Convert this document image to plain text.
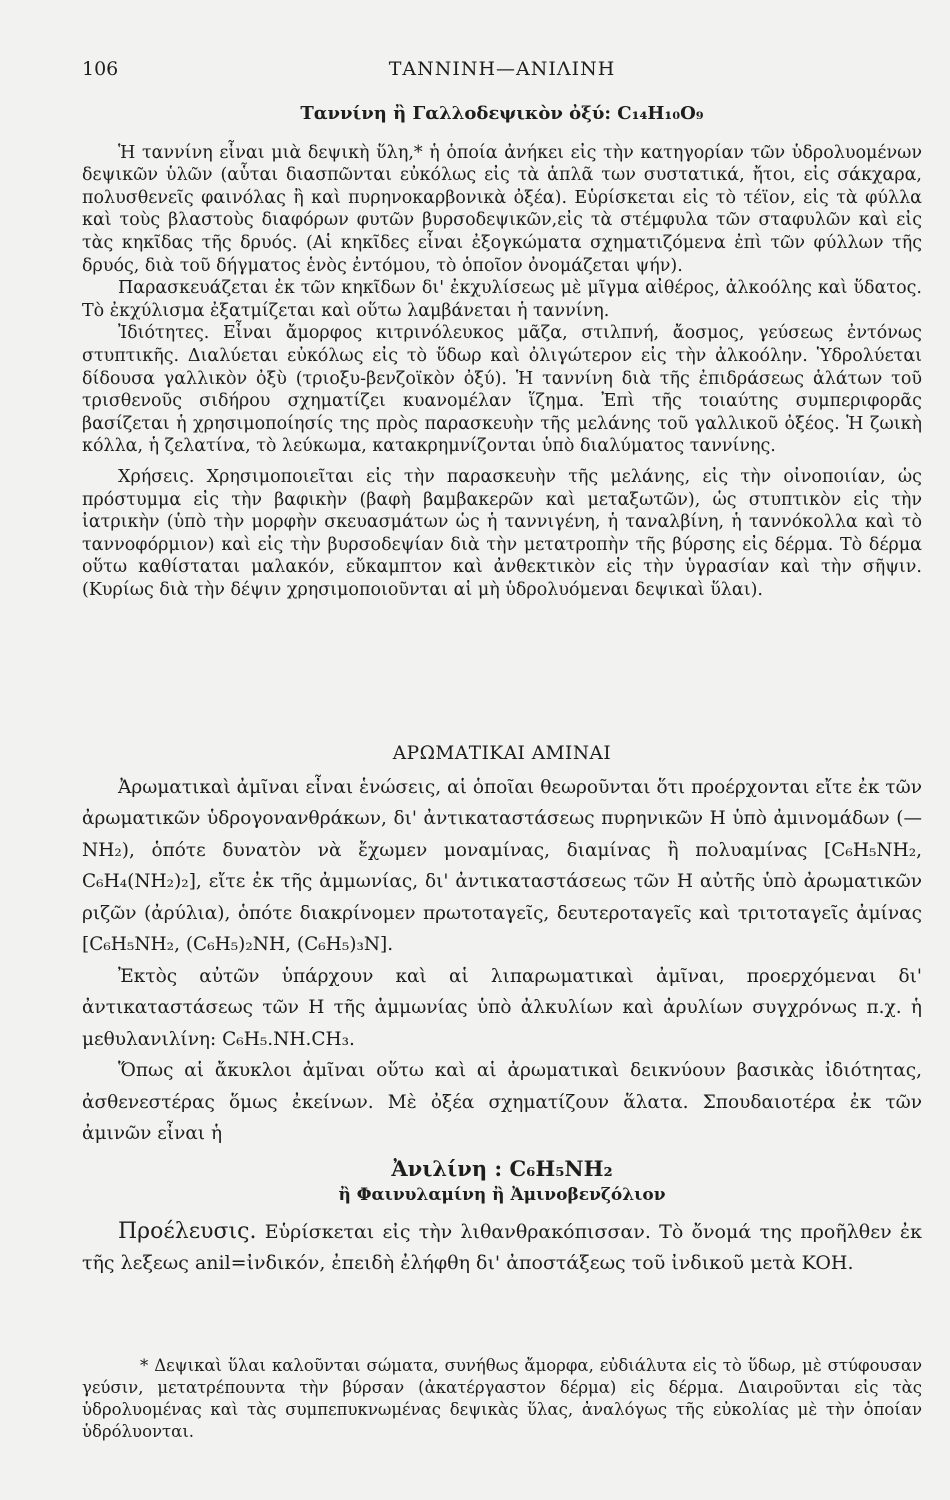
106	ΤΑΝΝΙΝΗ—ΑΝΙΛΙΝΗ

Ταννίνη ἢ Γαλλοδεψικὸν ὀξύ: C₁₄H₁₀O₉

Ἡ ταννίνη εἶναι μιὰ δεψικὴ ὕλη,* ἡ ὁποία ἀνήκει εἰς τὴν κατηγορίαν τῶν ὑδρολυομένων δεψικῶν ὑλῶν (αὗται διασπῶνται εὐκόλως εἰς τὰ ἁπλᾶ των συστατικά, ἤτοι, εἰς σάκχαρα, πολυσθενεῖς φαινόλας ἢ καὶ πυρηνοκαρβονικὰ ὀξέα). Εὑρίσκεται εἰς τὸ τέϊον, εἰς τὰ φύλλα καὶ τοὺς βλαστοὺς διαφόρων φυτῶν βυρσοδεψικῶν,εἰς τὰ στέμφυλα τῶν σταφυλῶν καὶ εἰς τὰς κηκῖδας τῆς δρυός. (Αἱ κηκῖδες εἶναι ἐξογκώματα σχηματιζόμενα ἐπὶ τῶν φύλλων τῆς δρυός, διὰ τοῦ δήγματος ἑνὸς ἐντόμου, τὸ ὁποῖον ὀνομάζεται ψήν).

Παρασκευάζεται ἐκ τῶν κηκῖδων δι' ἐκχυλίσεως μὲ μῖγμα αἰθέρος, ἀλκοόλης καὶ ὕδατος. Τὸ ἐκχύλισμα ἐξατμίζεται καὶ οὕτω λαμβάνεται ἡ ταννίνη.

Ἰδιότητες. Εἶναι ἄμορφος κιτρινόλευκος μᾶζα, στιλπνή, ἄοσμος, γεύσεως ἐντόνως στυπτικῆς. Διαλύεται εὐκόλως εἰς τὸ ὕδωρ καὶ ὀλιγώτερον εἰς τὴν ἀλκοόλην. Ὑδρολύεται δίδουσα γαλλικὸν ὀξὺ (τριοξυ-βενζοϊκὸν ὀξύ). Ἡ ταννίνη διὰ τῆς ἐπιδράσεως ἁλάτων τοῦ τρισθενοῦς σιδήρου σχηματίζει κυανομέλαν ἵζημα. Ἐπὶ τῆς τοιαύτης συμπεριφορᾶς βασίζεται ἡ χρησιμοποίησίς της πρὸς παρασκευὴν τῆς μελάνης τοῦ γαλλικοῦ ὀξέος. Ἡ ζωικὴ κόλλα, ἡ ζελατίνα, τὸ λεύκωμα, κατακρημνίζονται ὑπὸ διαλύματος ταννίνης.

Χρήσεις. Χρησιμοποιεῖται εἰς τὴν παρασκευὴν τῆς μελάνης, εἰς τὴν οἰνοποιίαν, ὡς πρόστυμμα εἰς τὴν βαφικὴν (βαφὴ βαμβακερῶν καὶ μεταξωτῶν), ὡς στυπτικὸν εἰς τὴν ἰατρικὴν (ὑπὸ τὴν μορφὴν σκευασμάτων ὡς ἡ ταννιγένη, ἡ ταναλβίνη, ἡ ταννόκολλα καὶ τὸ ταννοφόρμιον) καὶ εἰς τὴν βυρσοδεψίαν διὰ τὴν μετατροπὴν τῆς βύρσης εἰς δέρμα. Τὸ δέρμα οὕτω καθίσταται μαλακόν, εὔκαμπτον καὶ ἀνθεκτικὸν εἰς τὴν ὑγρασίαν καὶ τὴν σῆψιν. (Κυρίως διὰ τὴν δέψιν χρησιμοποιοῦνται αἱ μὴ ὑδρολυόμεναι δεψικαὶ ὕλαι).

ΑΡΩΜΑΤΙΚΑΙ ΑΜΙΝΑΙ

Ἀρωματικαὶ ἀμῖναι εἶναι ἑνώσεις, αἱ ὁποῖαι θεωροῦνται ὅτι προέρχονται εἴτε ἐκ τῶν ἀρωματικῶν ὑδρογονανθράκων, δι' ἀντικαταστάσεως πυρηνικῶν H ὑπὸ ἀμινομάδων (—NH₂), ὁπότε δυνατὸν νὰ ἔχωμεν μοναμίνας, διαμίνας ἢ πολυαμίνας [C₆H₅NH₂, C₆H₄(NH₂)₂], εἴτε ἐκ τῆς ἀμμωνίας, δι' ἀντικαταστάσεως τῶν H αὐτῆς ὑπὸ ἀρωματικῶν ριζῶν (ἀρύλια), ὁπότε διακρίνομεν πρωτοταγεῖς, δευτεροταγεῖς καὶ τριτοταγεῖς ἀμίνας [C₆H₅NH₂, (C₆H₅)₂NH, (C₆H₅)₃N].

Ἐκτὸς αὐτῶν ὑπάρχουν καὶ αἱ λιπαρωματικαὶ ἀμῖναι, προερχόμεναι δι' ἀντικαταστάσεως τῶν H τῆς ἀμμωνίας ὑπὸ ἀλκυλίων καὶ ἀρυλίων συγχρόνως π.χ. ἡ μεθυλανιλίνη: C₆H₅.NH.CH₃.

Ὅπως αἱ ἄκυκλοι ἀμῖναι οὕτω καὶ αἱ ἀρωματικαὶ δεικνύουν βασικὰς ἰδιότητας, ἀσθενεστέρας ὅμως ἐκείνων. Μὲ ὀξέα σχηματίζουν ἅλατα. Σπουδαιοτέρα ἐκ τῶν ἀμινῶν εἶναι ἡ

Ἀνιλίνη : C₆H₅NH₂

ἢ Φαινυλαμίνη ἢ Ἀμινοβενζόλιον

Προέλευσις. Εὑρίσκεται εἰς τὴν λιθανθρακόπισσαν. Τὸ ὄνομά της προῆλθεν ἐκ τῆς λεξεως anil=ἰνδικόν, ἐπειδὴ ἐλήφθη δι' ἀποστάξεως τοῦ ἰνδικοῦ μετὰ KOH.

* Δεψικαὶ ὕλαι καλοῦνται σώματα, συνήθως ἄμορφα, εὐδιάλυτα εἰς τὸ ὕδωρ, μὲ στύφουσαν γεύσιν, μετατρέπουντα τὴν βύρσαν (ἀκατέργαστον δέρμα) εἰς δέρμα. Διαιροῦνται εἰς τὰς ὑδρολυομένας καὶ τὰς συμπεπυκνωμένας δεψικὰς ὕλας, ἀναλόγως τῆς εὐκολίας μὲ τὴν ὁποίαν ὑδρόλυονται.
